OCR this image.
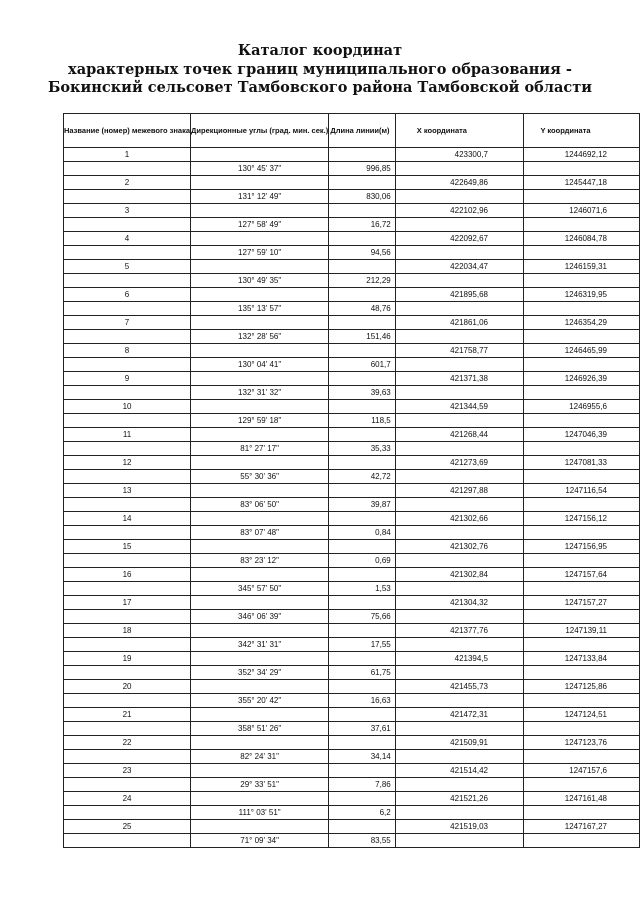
Каталог координат
характерных точек границ муниципального образования -
Бокинский сельсовет Тамбовского района Тамбовской области
Название (номер) межевого знака	Дирекционные углы (град. мин. сек.)	Длина линии(м)	X координата	Y координата
1			423300,7	1244692,12
	130° 45' 37"	996,85		
2			422649,86	1245447,18
	131° 12' 49"	830,06		
3			422102,96	1246071,6
	127° 58' 49"	16,72		
4			422092,67	1246084,78
	127° 59' 10"	94,56		
5			422034,47	1246159,31
	130° 49' 35"	212,29		
6			421895,68	1246319,95
	135° 13' 57"	48,76		
7			421861,06	1246354,29
	132° 28' 56"	151,46		
8			421758,77	1246465,99
	130° 04' 41"	601,7		
9			421371,38	1246926,39
	132° 31' 32"	39,63		
10			421344,59	1246955,6
	129° 59' 18"	118,5		
11			421268,44	1247046,39
	81° 27' 17"	35,33		
12			421273,69	1247081,33
	55° 30' 36"	42,72		
13			421297,88	1247116,54
	83° 06' 50"	39,87		
14			421302,66	1247156,12
	83° 07' 48"	0,84		
15			421302,76	1247156,95
	83° 23' 12"	0,69		
16			421302,84	1247157,64
	345° 57' 50"	1,53		
17			421304,32	1247157,27
	346° 06' 39"	75,66		
18			421377,76	1247139,11
	342° 31' 31"	17,55		
19			421394,5	1247133,84
	352° 34' 29"	61,75		
20			421455,73	1247125,86
	355° 20' 42"	16,63		
21			421472,31	1247124,51
	358° 51' 26"	37,61		
22			421509,91	1247123,76
	82° 24' 31"	34,14		
23			421514,42	1247157,6
	29° 33' 51"	7,86		
24			421521,26	1247161,48
	111° 03' 51"	6,2		
25			421519,03	1247167,27
	71° 09' 34"	83,55		
